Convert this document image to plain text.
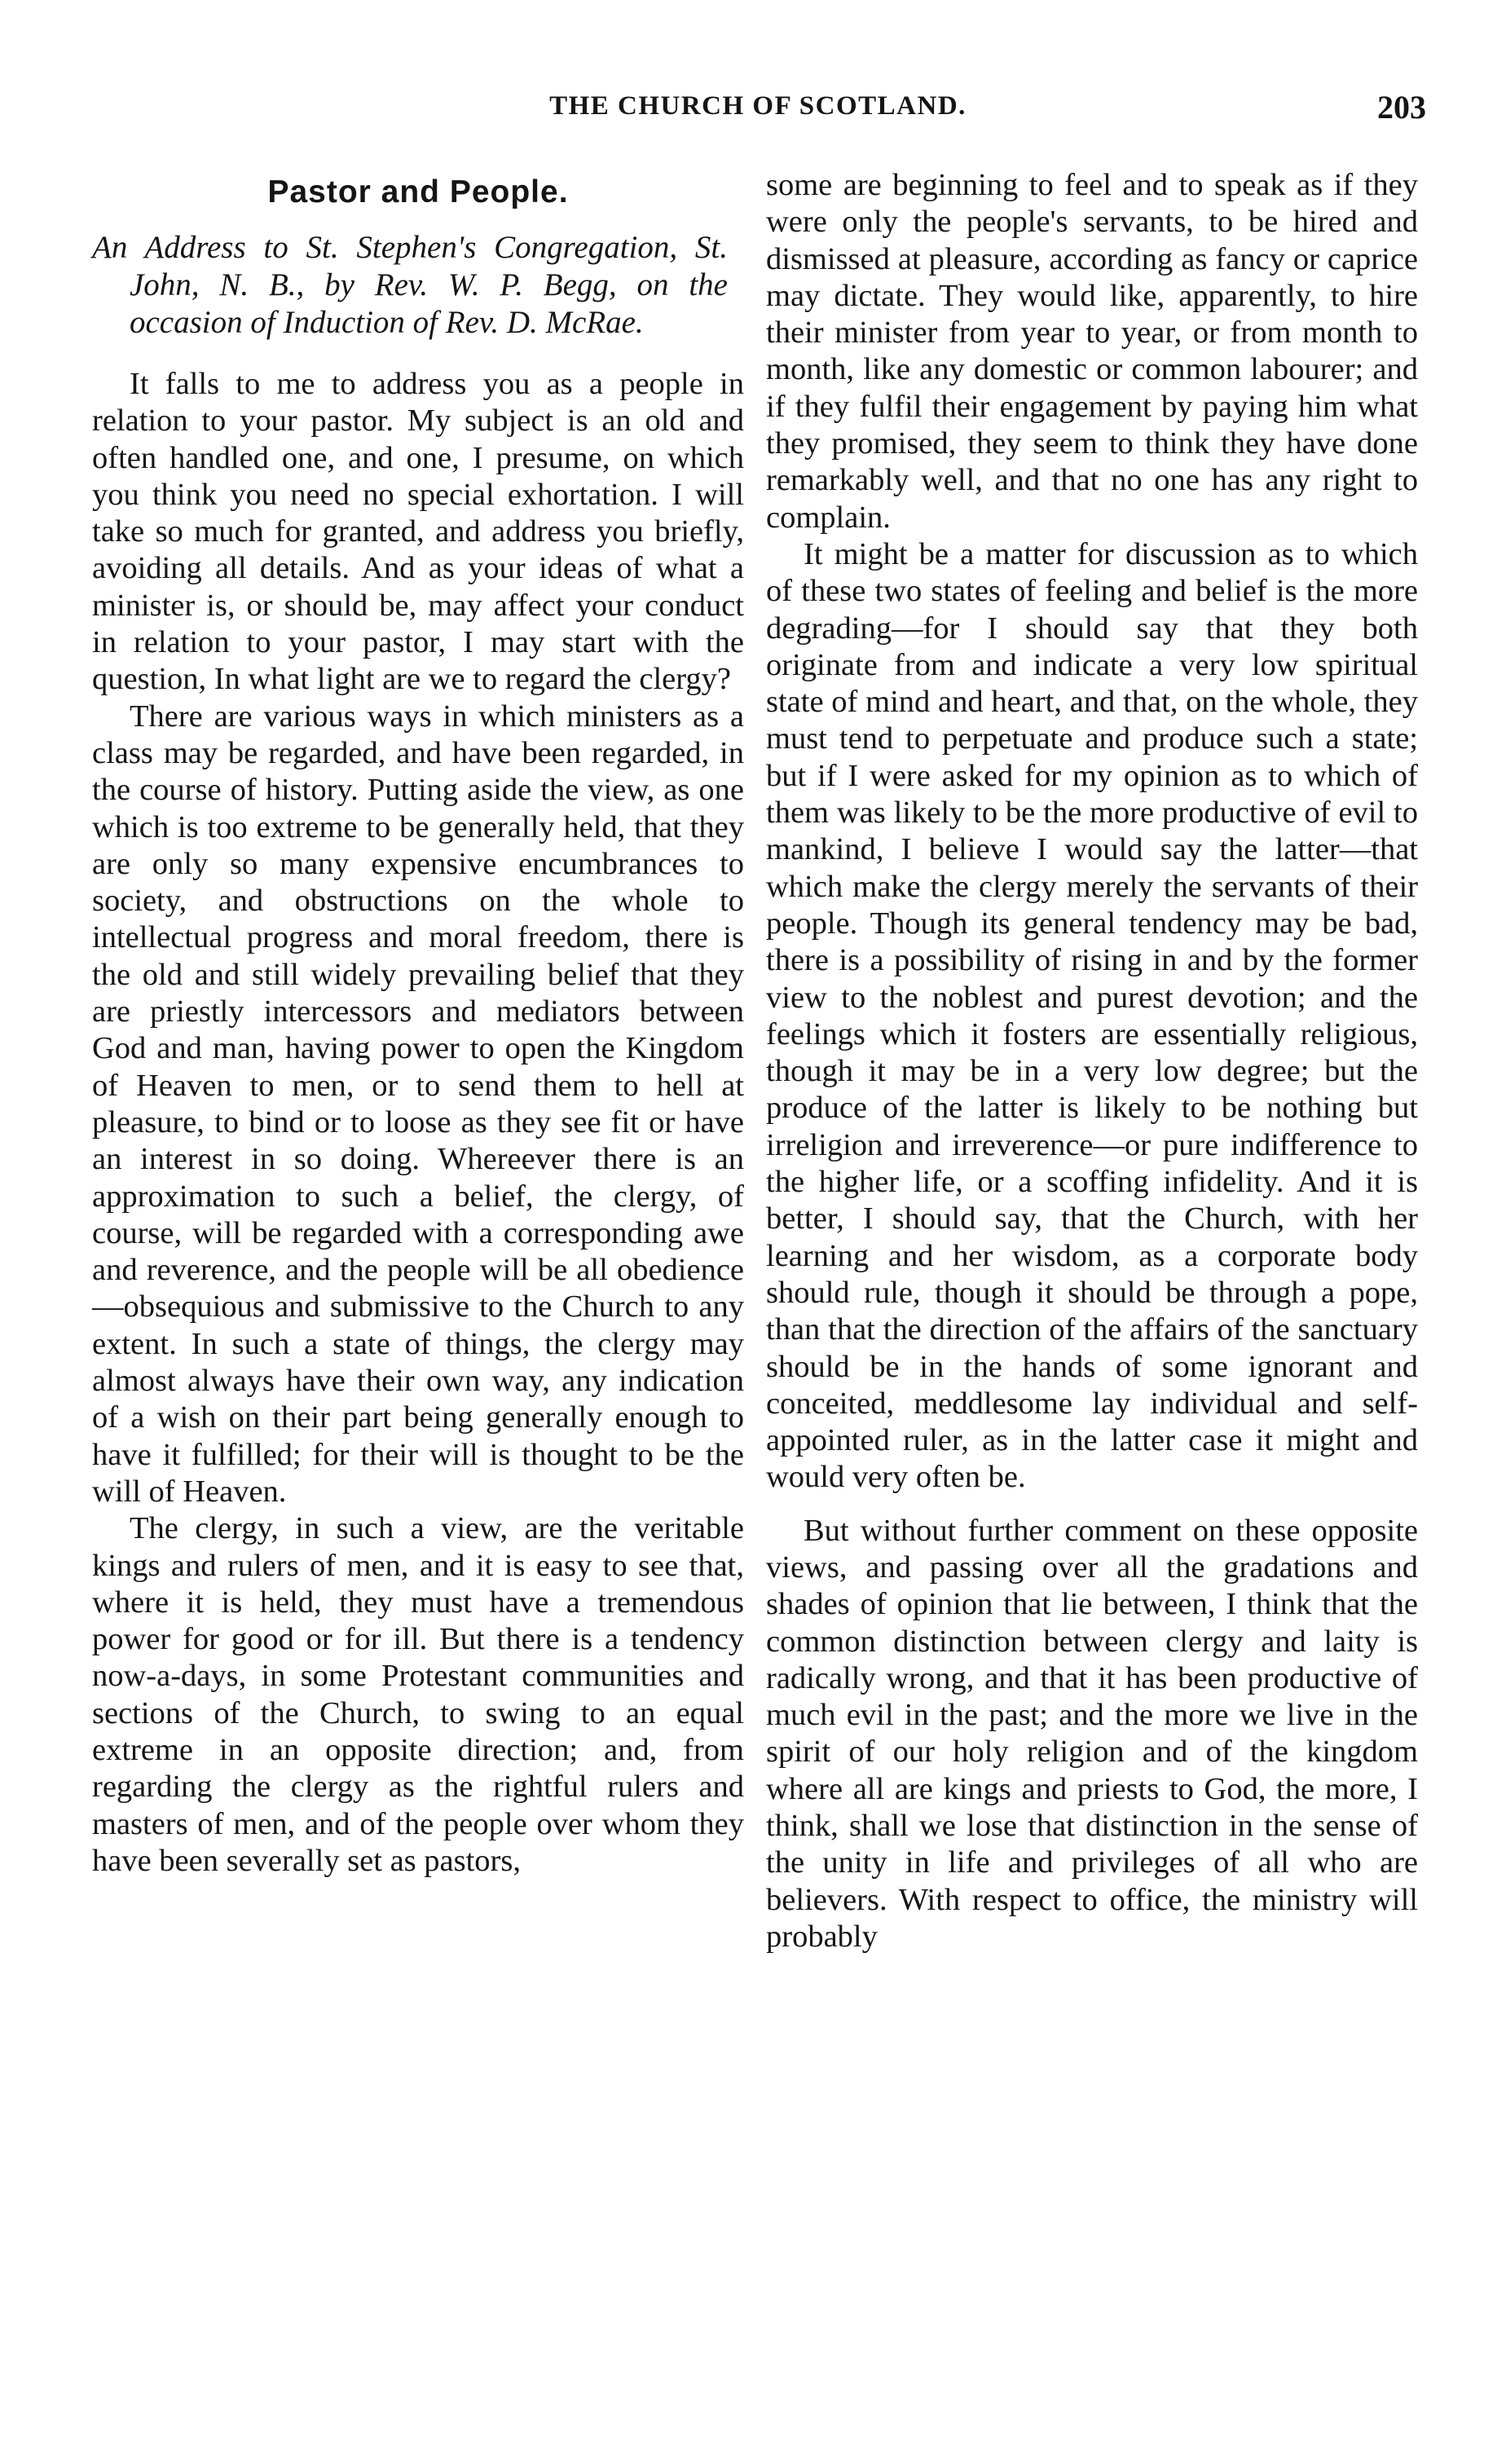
THE CHURCH OF SCOTLAND.	203
Pastor and People.
An Address to St. Stephen's Congregation, St. John, N. B., by Rev. W. P. Begg, on the occasion of Induction of Rev. D. McRae.

It falls to me to address you as a people in relation to your pastor. My subject is an old and often handled one, and one, I presume, on which you think you need no special exhortation. I will take so much for granted, and address you briefly, avoiding all details. And as your ideas of what a minister is, or should be, may affect your conduct in relation to your pastor, I may start with the question, In what light are we to regard the clergy?

There are various ways in which ministers as a class may be regarded, and have been regarded, in the course of history. Putting aside the view, as one which is too extreme to be generally held, that they are only so many expensive encumbrances to society, and obstructions on the whole to intellectual progress and moral freedom, there is the old and still widely prevailing belief that they are priestly intercessors and mediators between God and man, having power to open the Kingdom of Heaven to men, or to send them to hell at pleasure, to bind or to loose as they see fit or have an interest in so doing. Whereever there is an approximation to such a belief, the clergy, of course, will be regarded with a corresponding awe and reverence, and the people will be all obedience—obsequious and submissive to the Church to any extent. In such a state of things, the clergy may almost always have their own way, any indication of a wish on their part being generally enough to have it fulfilled; for their will is thought to be the will of Heaven.

The clergy, in such a view, are the veritable kings and rulers of men, and it is easy to see that, where it is held, they must have a tremendous power for good or for ill. But there is a tendency now-a-days, in some Protestant communities and sections of the Church, to swing to an equal extreme in an opposite direction; and, from regarding the clergy as the rightful rulers and masters of men, and of the people over whom they have been severally set as pastors,

some are beginning to feel and to speak as if they were only the people's servants, to be hired and dismissed at pleasure, according as fancy or caprice may dictate. They would like, apparently, to hire their minister from year to year, or from month to month, like any domestic or common labourer; and if they fulfil their engagement by paying him what they promised, they seem to think they have done remarkably well, and that no one has any right to complain.

It might be a matter for discussion as to which of these two states of feeling and belief is the more degrading—for I should say that they both originate from and indicate a very low spiritual state of mind and heart, and that, on the whole, they must tend to perpetuate and produce such a state; but if I were asked for my opinion as to which of them was likely to be the more productive of evil to mankind, I believe I would say the latter—that which make the clergy merely the servants of their people. Though its general tendency may be bad, there is a possibility of rising in and by the former view to the noblest and purest devotion; and the feelings which it fosters are essentially religious, though it may be in a very low degree; but the produce of the latter is likely to be nothing but irreligion and irreverence—or pure indifference to the higher life, or a scoffing infidelity. And it is better, I should say, that the Church, with her learning and her wisdom, as a corporate body should rule, though it should be through a pope, than that the direction of the affairs of the sanctuary should be in the hands of some ignorant and conceited, meddlesome lay individual and self-appointed ruler, as in the latter case it might and would very often be.

But without further comment on these opposite views, and passing over all the gradations and shades of opinion that lie between, I think that the common distinction between clergy and laity is radically wrong, and that it has been productive of much evil in the past; and the more we live in the spirit of our holy religion and of the kingdom where all are kings and priests to God, the more, I think, shall we lose that distinction in the sense of the unity in life and privileges of all who are believers. With respect to office, the ministry will probably
